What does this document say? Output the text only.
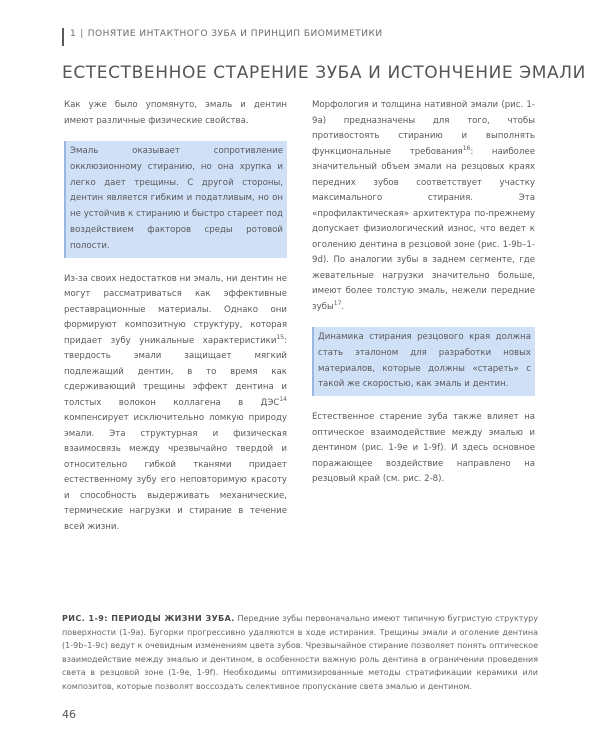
1 | ПОНЯТИЕ ИНТАКТНОГО ЗУБА И ПРИНЦИП БИОМИМЕТИКИ
ЕСТЕСТВЕННОЕ СТАРЕНИЕ ЗУБА И ИСТОНЧЕНИЕ ЭМАЛИ

Как уже было упомянуто, эмаль и дентин имеют различные физические свойства.

Эмаль оказывает сопротивление окклюзионному стиранию, но она хрупка и легко дает трещины. С другой стороны, дентин является гибким и податливым, но он не устойчив к стиранию и быстро стареет под воздействием факторов среды ротовой полости.

Из-за своих недостатков ни эмаль, ни дентин не могут рассматриваться как эффективные реставрационные материалы. Однако они формируют композитную структуру, которая придает зубу уникальные характеристики$^{15}$: твердость эмали защищает мягкий подлежащий дентин, в то время как сдерживающий трещины эффект дентина и толстых волокон коллагена в ДЭС$^{14}$ компенсирует исключительно ломкую природу эмали. Эта структурная и физическая взаимосвязь между чрезвычайно твердой и относительно гибкой тканями придает естественному зубу его неповторимую красоту и способность выдерживать механические, термические нагрузки и стирание в течение всей жизни.

Морфология и толщина нативной эмали (рис. 1-9a) предназначены для того, чтобы противостоять стиранию и выполнять функциональные требования$^{16}$: наиболее значительный объем эмали на резцовых краях передних зубов соответствует участку максимального стирания. Эта «профилактическая» архитектура по-прежнему допускает физиологический износ, что ведет к оголению дентина в резцовой зоне (рис. 1-9b–1-9d). По аналогии зубы в заднем сегменте, где жевательные нагрузки значительно больше, имеют более толстую эмаль, нежели передние зубы$^{17}$.

Динамика стирания резцового края должна стать эталоном для разработки новых материалов, которые должны «стареть» с такой же скоростью, как эмаль и дентин.

Естественное старение зуба также влияет на оптическое взаимодействие между эмалью и дентином (рис. 1-9e и 1-9f). И здесь основное поражающее воздействие направлено на резцовый край (см. рис. 2-8).

РИС. 1-9: ПЕРИОДЫ ЖИЗНИ ЗУБА. Передние зубы первоначально имеют типичную бугристую структуру поверхности (1-9a). Бугорки прогрессивно удаляются в ходе истирания. Трещины эмали и оголение дентина (1-9b–1-9c) ведут к очевидным изменениям цвета зубов. Чрезвычайное стирание позволяет понять оптическое взаимодействие между эмалью и дентином, в особенности важную роль дентина в ограничении проведения света в резцовой зоне (1-9e, 1-9f). Необходимы оптимизированные методы стратификации керамики или композитов, которые позволят воссоздать селективное пропускание света эмалью и дентином.
46
